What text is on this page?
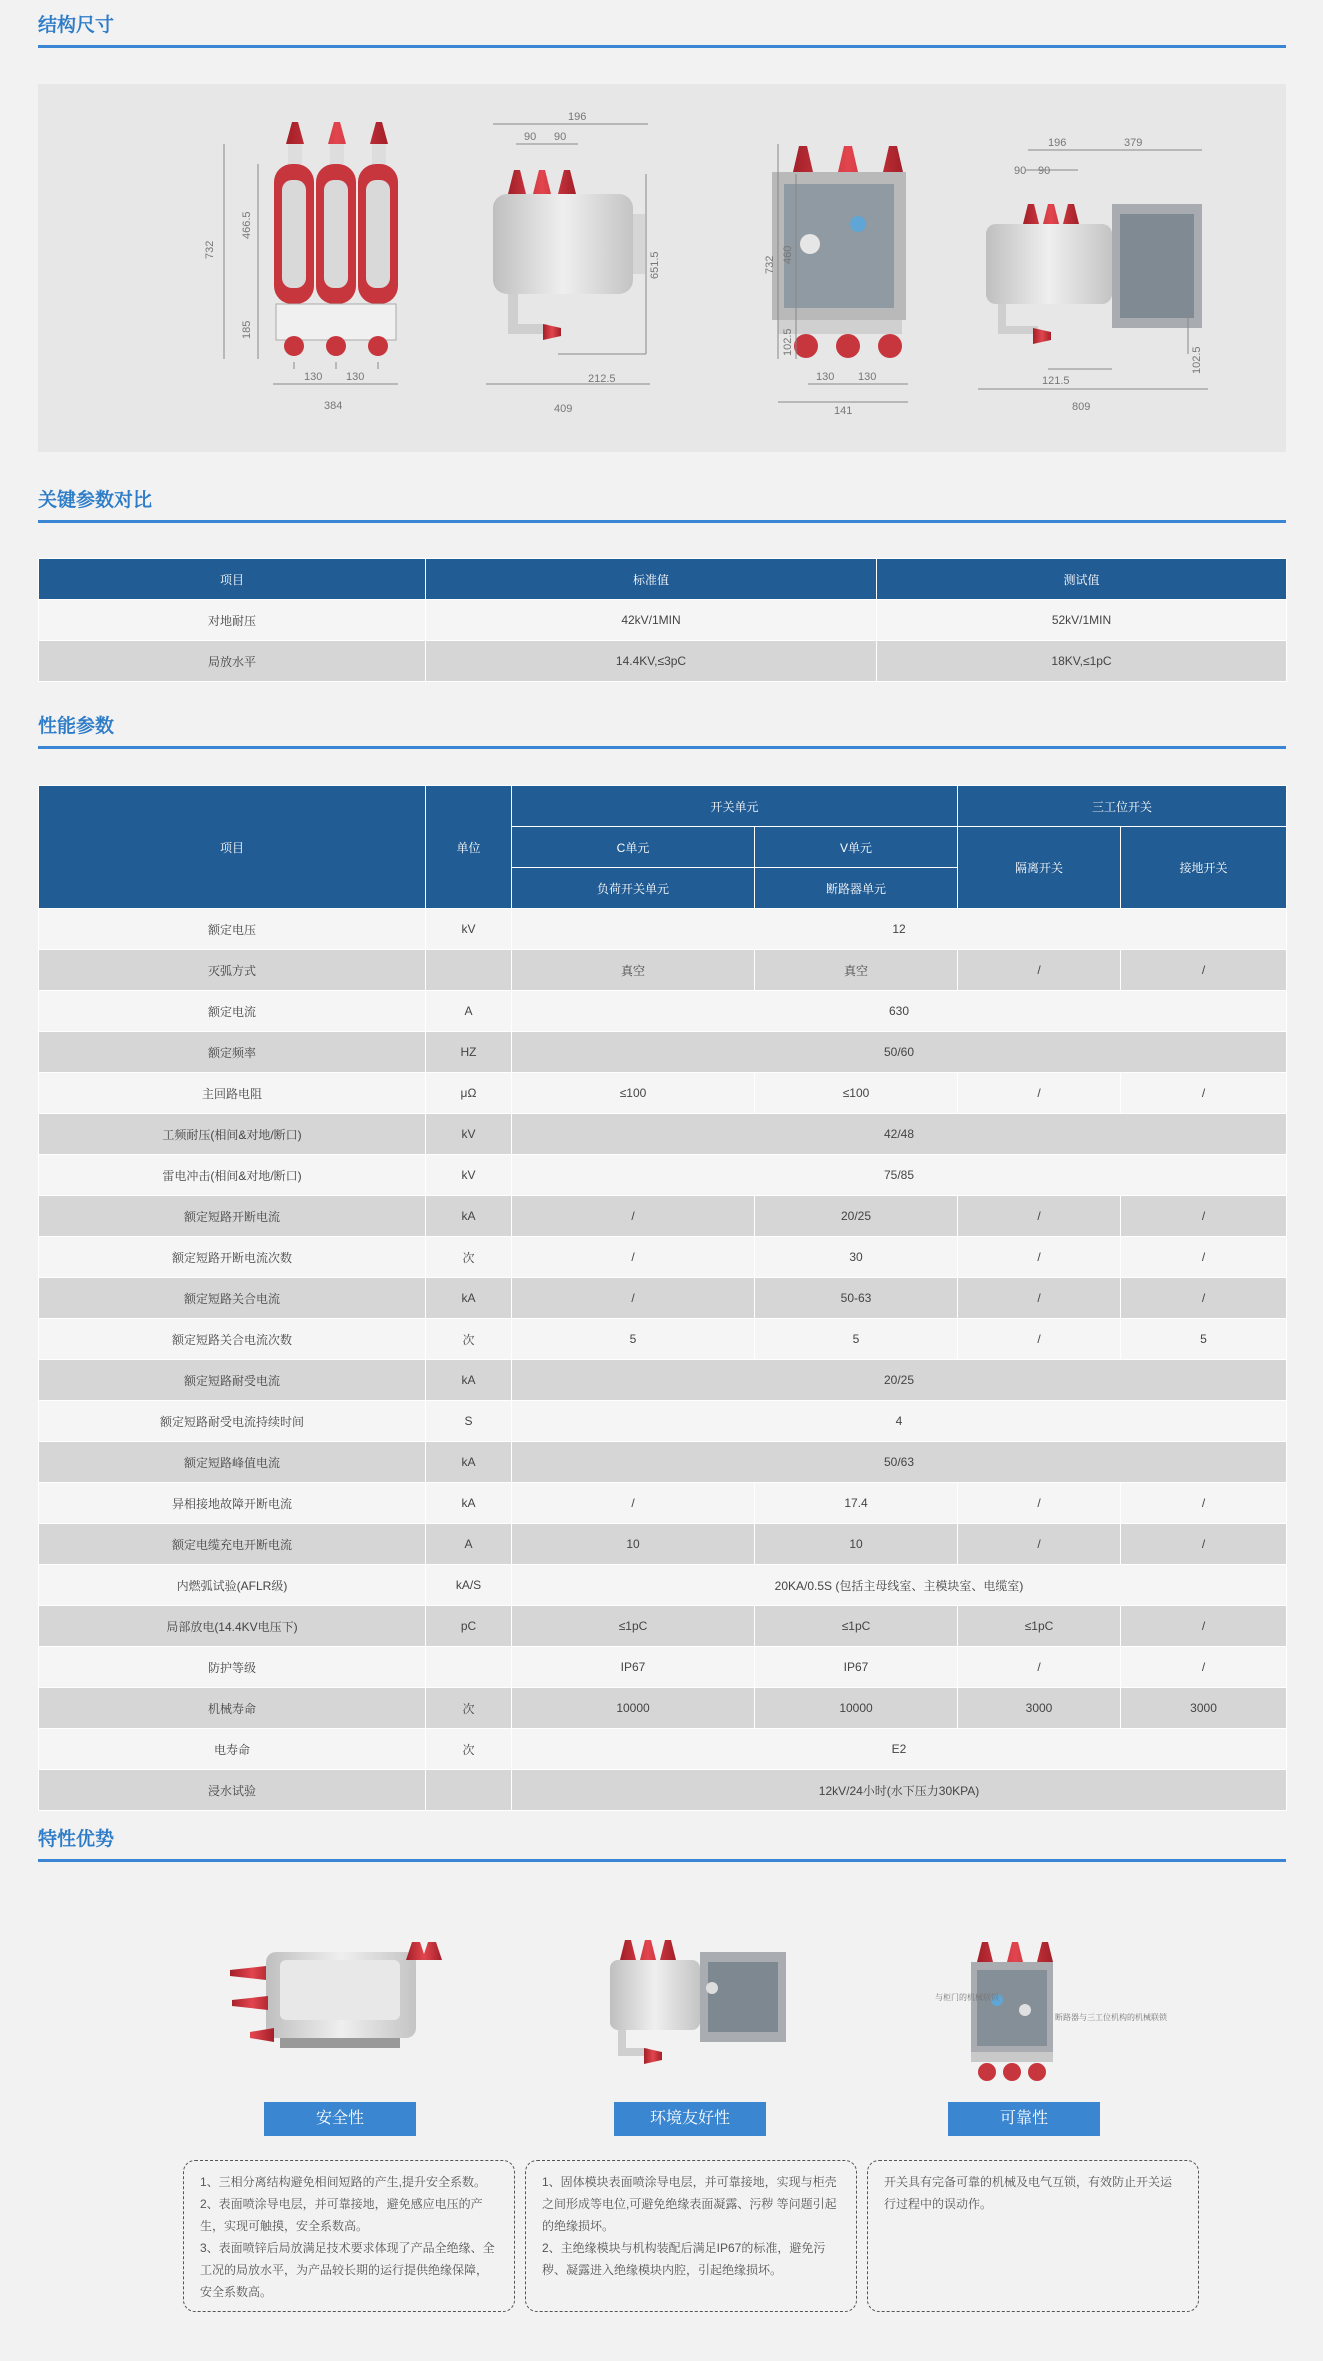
结构尺寸
732
466.5
185
130 130
384
196
90 90
651.5
212.5
409
732
460
102.5
130 130
141
196	379
90 90
102.5
121.5
809
关键参数对比
项目	标准值	测试值
对地耐压	42kV/1MIN	52kV/1MIN
局放水平	14.4KV,≤3pC	18KV,≤1pC
性能参数
项目	单位	开关单元		三工位开关	
		C单元	V单元	隔离开关	接地开关
		负荷开关单元	断路器单元		
额定电压	kV	12			
灭弧方式		真空	真空	/	/
额定电流	A	630			
额定频率	HZ	50/60			
主回路电阻	μΩ	≤100	≤100	/	/
工频耐压(相间&对地/断口)	kV	42/48			
雷电冲击(相间&对地/断口)	kV	75/85			
额定短路开断电流	kA	/	20/25	/	/
额定短路开断电流次数	次	/	30	/	/
额定短路关合电流	kA	/	50-63	/	/
额定短路关合电流次数	次	5	5	/	5
额定短路耐受电流	kA	20/25			
额定短路耐受电流持续时间	S	4			
额定短路峰值电流	kA	50/63			
异相接地故障开断电流	kA	/	17.4	/	/
额定电缆充电开断电流	A	10	10	/	/
内燃弧试验(AFLR级)	kA/S	20KA/0.5S (包括主母线室、主模块室、电缆室)			
局部放电(14.4KV电压下)	pC	≤1pC	≤1pC	≤1pC	/
防护等级		IP67	IP67	/	/
机械寿命	次	10000	10000	3000	3000
电寿命	次	E2			
浸水试验		12kV/24小时(水下压力30KPA)			
特性优势
安全性	环境友好性
与柜门的机械联锁
断路器与三工位机构的机械联锁
可靠性

1、三相分离结构避免相间短路的产生,提升安全系数。

2、表面喷涂导电层，并可靠接地，避免感应电压的产生，实现可触摸，安全系数高。

3、表面喷锌后局放满足技术要求体现了产品全绝缘、全工况的局放水平，为产品较长期的运行提供绝缘保障，安全系数高。

1、固体模块表面喷涂导电层，并可靠接地，实现与柜壳之间形成等电位,可避免绝缘表面凝露、污秽 等问题引起的绝缘损坏。

2、主绝缘模块与机构装配后满足IP67的标准，避免污秽、凝露进入绝缘模块内腔，引起绝缘损坏。

开关具有完备可靠的机械及电气互锁，有效防止开关运行过程中的误动作。
